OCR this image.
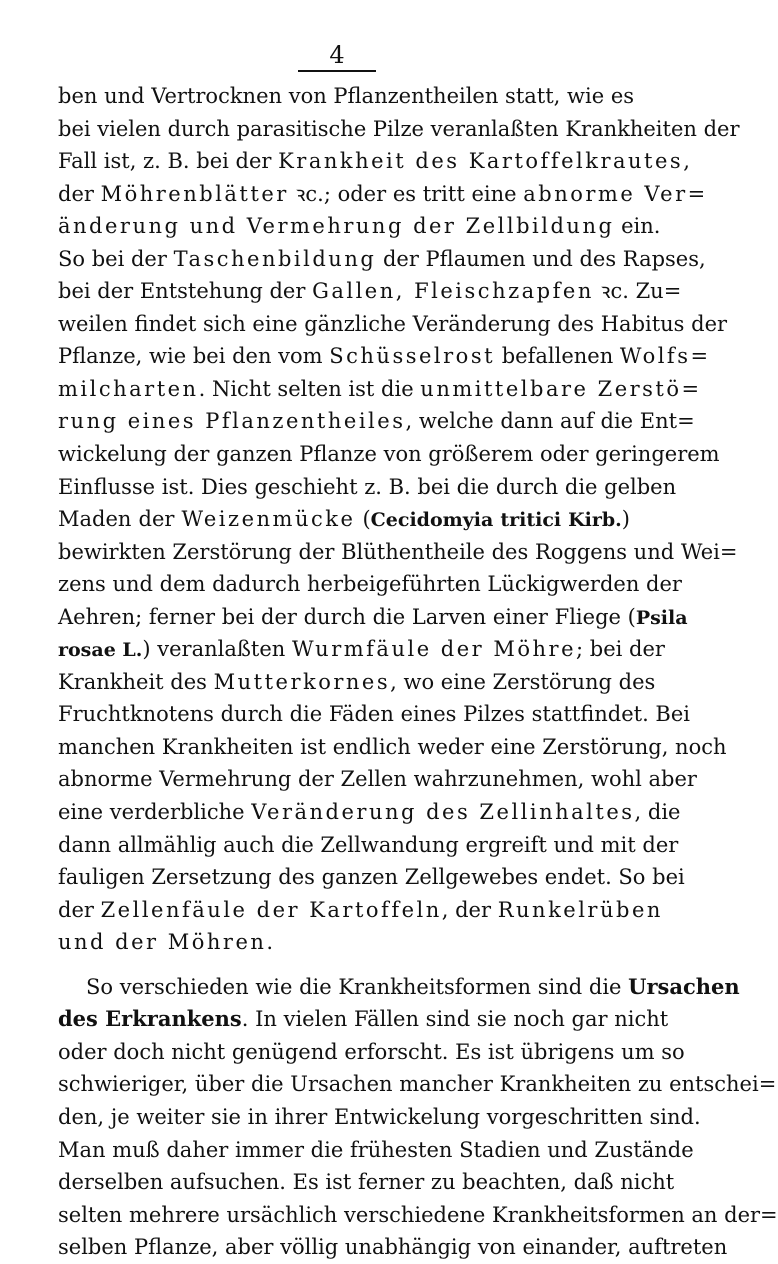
4
ben und Vertrocknen von Pflanzentheilen statt, wie es
bei vielen durch parasitische Pilze veranlaßten Krankheiten der
Fall ist, z. B. bei der Krankheit des Kartoffelkrautes,
der Möhrenblätter ꝛc.; oder es tritt eine abnorme Ver=
änderung und Vermehrung der Zellbildung ein.
So bei der Taschenbildung der Pflaumen und des Rapses,
bei der Entstehung der Gallen, Fleischzapfen ꝛc. Zu=
weilen findet sich eine gänzliche Veränderung des Habitus der
Pflanze, wie bei den vom Schüsselrost befallenen Wolfs=
milcharten. Nicht selten ist die unmittelbare Zerstö=
rung eines Pflanzentheiles, welche dann auf die Ent=
wickelung der ganzen Pflanze von größerem oder geringerem
Einflusse ist. Dies geschieht z. B. bei die durch die gelben
Maden der Weizenmücke (Cecidomyia tritici Kirb.)
bewirkten Zerstörung der Blüthentheile des Roggens und Wei=
zens und dem dadurch herbeigeführten Lückigwerden der
Aehren; ferner bei der durch die Larven einer Fliege (Psila
rosae L.) veranlaßten Wurmfäule der Möhre; bei der
Krankheit des Mutterkornes, wo eine Zerstörung des
Fruchtknotens durch die Fäden eines Pilzes stattfindet. Bei
manchen Krankheiten ist endlich weder eine Zerstörung, noch
abnorme Vermehrung der Zellen wahrzunehmen, wohl aber
eine verderbliche Veränderung des Zellinhaltes, die
dann allmählig auch die Zellwandung ergreift und mit der
fauligen Zersetzung des ganzen Zellgewebes endet. So bei
der Zellenfäule der Kartoffeln, der Runkelrüben
und der Möhren.
So verschieden wie die Krankheitsformen sind die Ursachen
des Erkrankens. In vielen Fällen sind sie noch gar nicht
oder doch nicht genügend erforscht. Es ist übrigens um so
schwieriger, über die Ursachen mancher Krankheiten zu entschei=
den, je weiter sie in ihrer Entwickelung vorgeschritten sind.
Man muß daher immer die frühesten Stadien und Zustände
derselben aufsuchen. Es ist ferner zu beachten, daß nicht
selten mehrere ursächlich verschiedene Krankheitsformen an der=
selben Pflanze, aber völlig unabhängig von einander, auftreten
